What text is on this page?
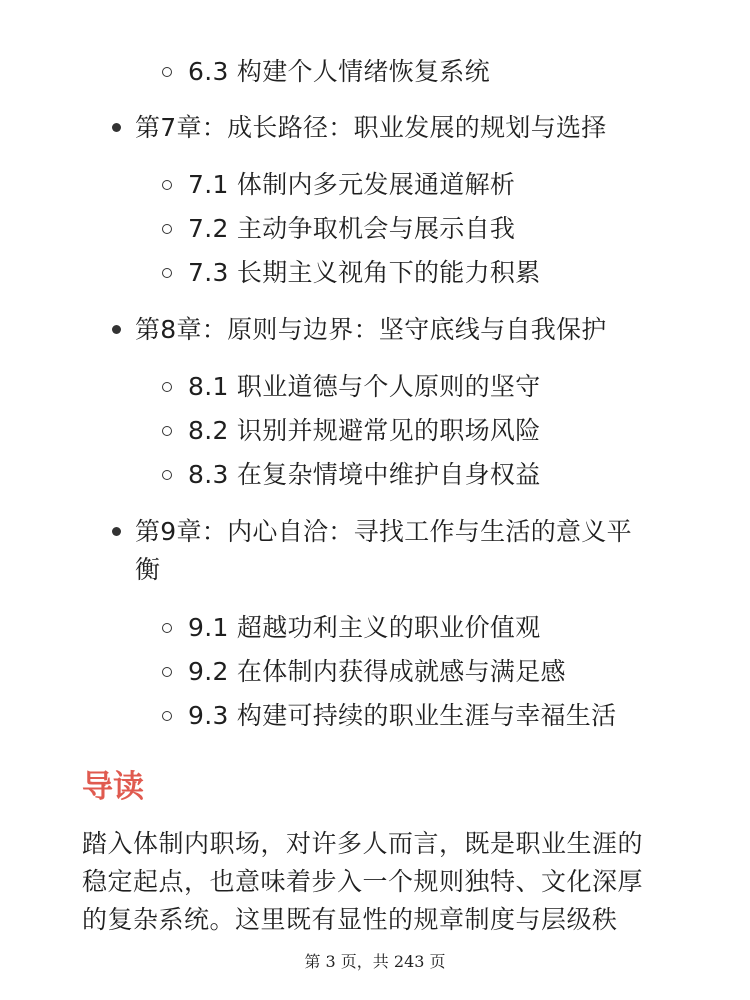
6.3 构建个人情绪恢复系统
第7章：成长路径：职业发展的规划与选择
7.1 体制内多元发展通道解析
7.2 主动争取机会与展示自我
7.3 长期主义视角下的能力积累
第8章：原则与边界：坚守底线与自我保护
8.1 职业道德与个人原则的坚守
8.2 识别并规避常见的职场风险
8.3 在复杂情境中维护自身权益
第9章：内心自洽：寻找工作与生活的意义平
衡
9.1 超越功利主义的职业价值观
9.2 在体制内获得成就感与满足感
9.3 构建可持续的职业生涯与幸福生活
导读
踏入体制内职场，对许多人而言，既是职业生涯的
稳定起点，也意味着步入一个规则独特、文化深厚
的复杂系统。这里既有显性的规章制度与层级秩
第 3 页，共 243 页
